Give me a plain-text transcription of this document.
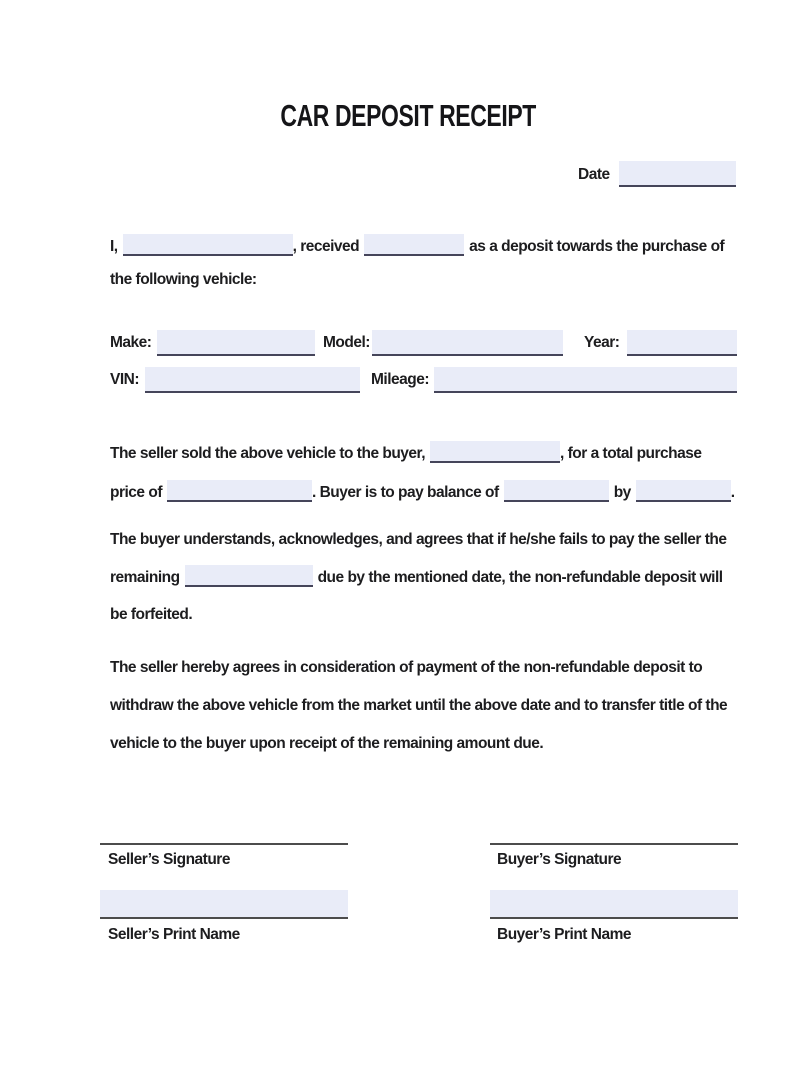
CAR DEPOSIT RECEIPT
Date
I,	, received	as a deposit towards the purchase of
the following vehicle:
Make:	Model:	Year:
VIN:	Mileage:
The seller sold the above vehicle to the buyer,	, for a total purchase
price of	. Buyer is to pay balance of	by	.
The buyer understands, acknowledges, and agrees that if he/she fails to pay the seller the
remaining	due by the mentioned date, the non-refundable deposit will
be forfeited.
The seller hereby agrees in consideration of payment of the non-refundable deposit to
withdraw the above vehicle from the market until the above date and to transfer title of the
vehicle to the buyer upon receipt of the remaining amount due.
Seller’s Signature
Seller’s Print Name
Buyer’s Signature
Buyer’s Print Name
